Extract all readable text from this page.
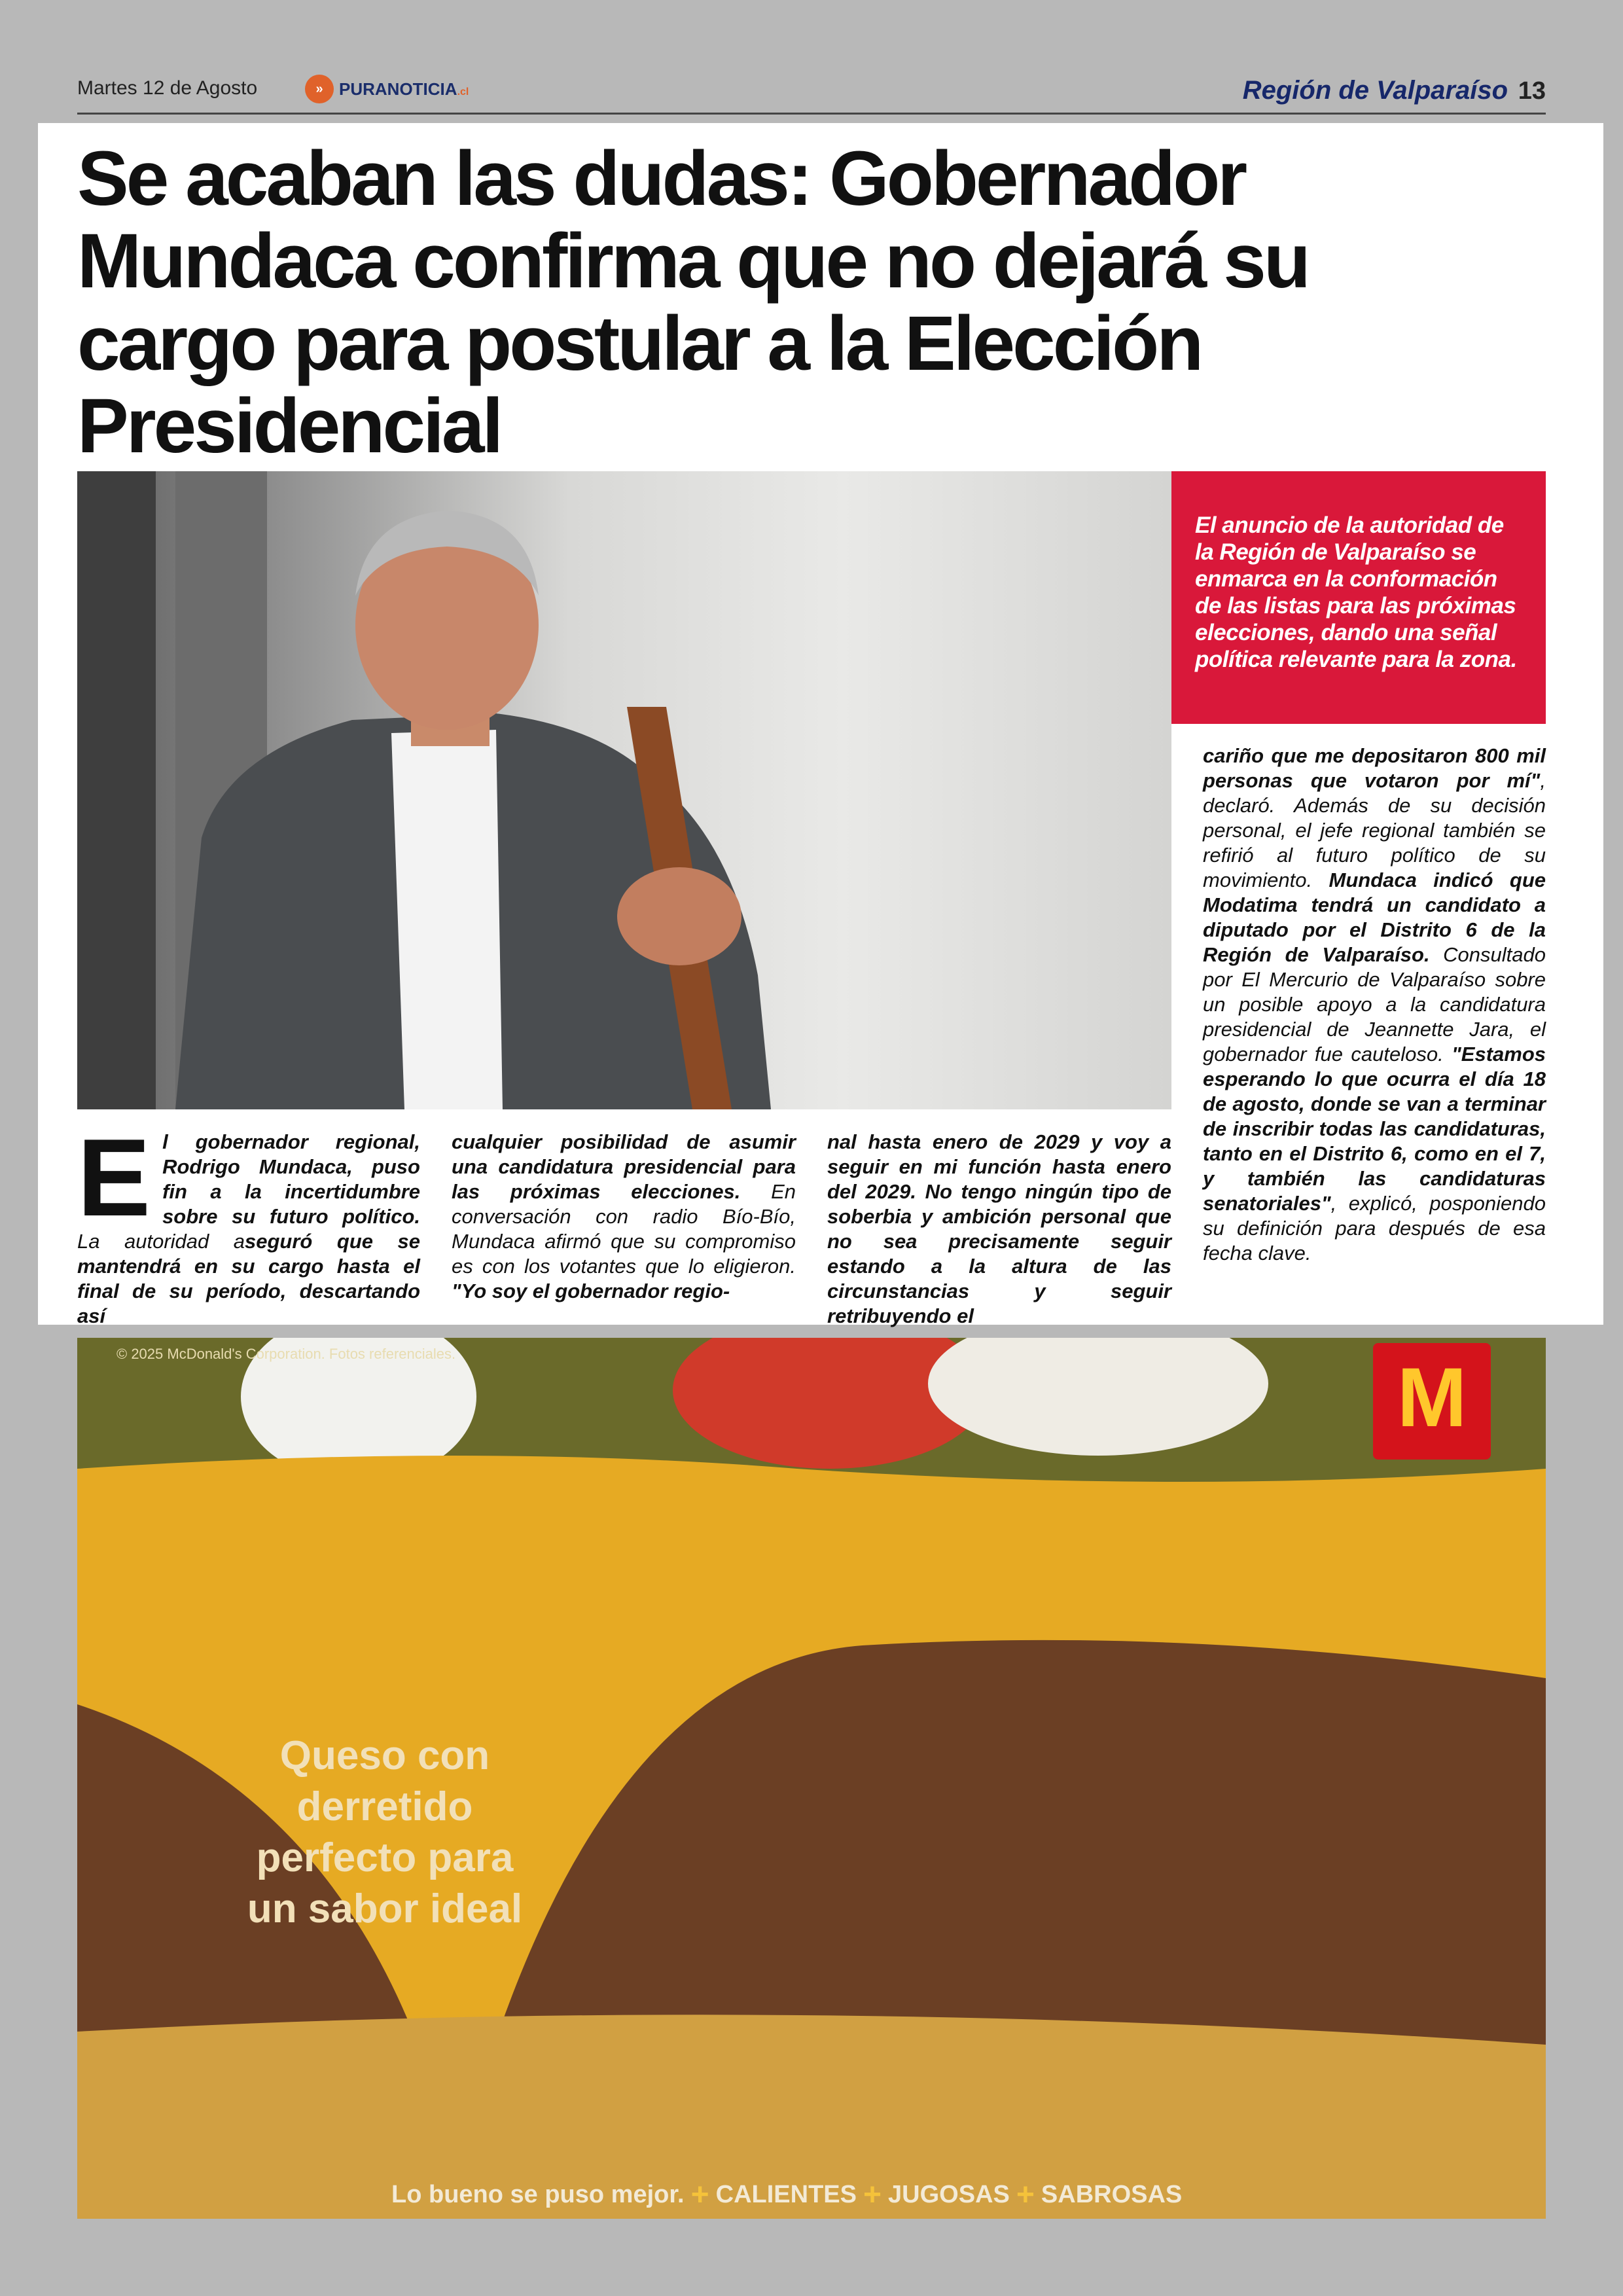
Martes 12 de Agosto	» PURANOTICIA.cl	Región de Valparaíso 13
Se acaban las dudas: Gobernador Mundaca confirma que no dejará su cargo para postular a la Elección Presidencial

El anuncio de la autoridad de la Región de Valparaíso se enmarca en la conformación de las listas para las próximas elecciones, dando una señal política relevante para la zona.

E l gobernador regional, Rodrigo Mundaca, puso fin a la incertidumbre sobre su futuro político. La autoridad aseguró que se mantendrá en su cargo hasta el final de su período, descartando así

cualquier posibilidad de asumir una candidatura presidencial para las próximas elecciones. En conversación con radio Bío-Bío, Mundaca afirmó que su compromiso es con los votantes que lo eligieron. "Yo soy el gobernador regio-

nal hasta enero de 2029 y voy a seguir en mi función hasta enero del 2029. No tengo ningún tipo de soberbia y ambición personal que no sea precisamente seguir estando a la altura de las circunstancias y seguir retribuyendo el

cariño que me depositaron 800 mil personas que votaron por mí", declaró. Además de su decisión personal, el jefe regional también se refirió al futuro político de su movimiento. Mundaca indicó que Modatima tendrá un candidato a diputado por el Distrito 6 de la Región de Valparaíso. Consultado por El Mercurio de Valparaíso sobre un posible apoyo a la candidatura presidencial de Jeannette Jara, el gobernador fue cauteloso. "Estamos esperando lo que ocurra el día 18 de agosto, donde se van a terminar de inscribir todas las candidaturas, tanto en el Distrito 6, como en el 7, y también las candidaturas senatoriales", explicó, posponiendo su definición para después de esa fecha clave.

© 2025 McDonald's Corporation. Fotos referenciales.	M
Queso con derretido perfecto para un sabor ideal
Lo bueno se puso mejor. + CALIENTES + JUGOSAS + SABROSAS
